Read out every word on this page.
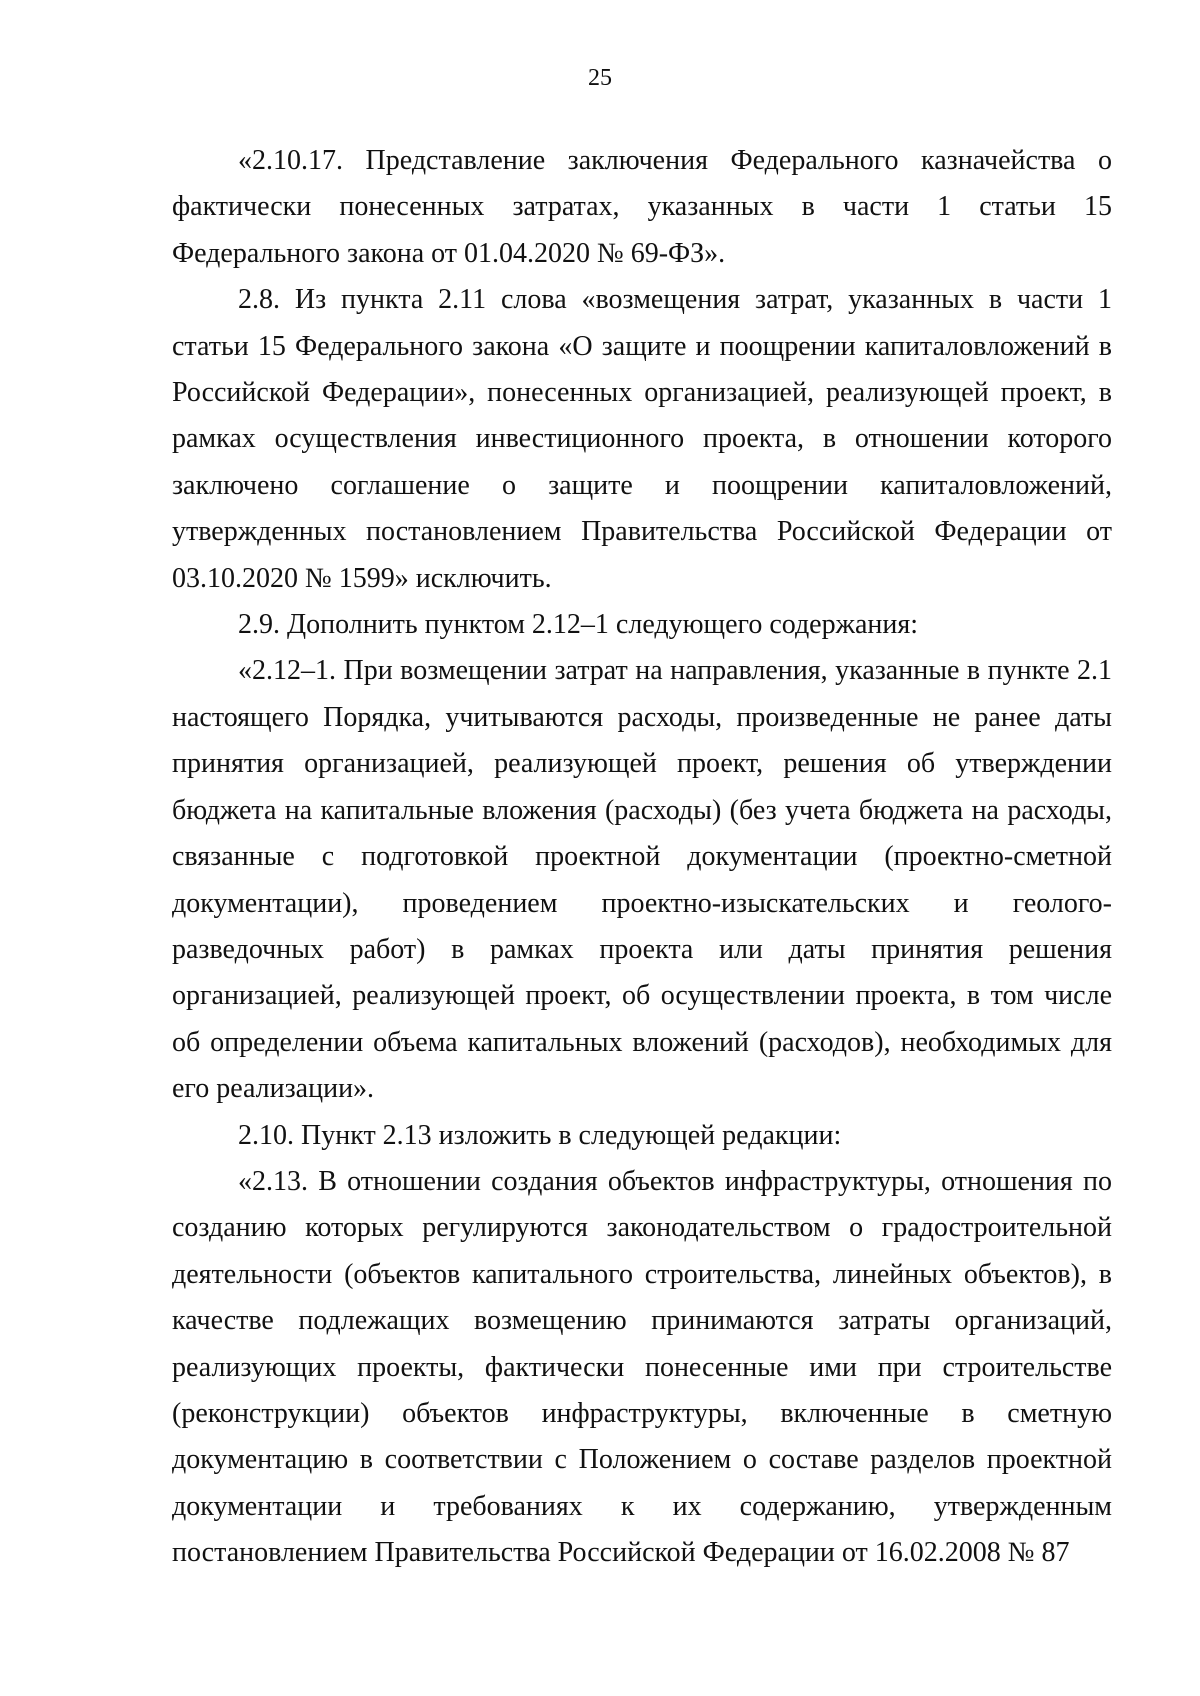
25

«2.10.17. Представление заключения Федерального казначейства о фактически понесенных затратах, указанных в части 1 статьи 15 Федерального закона от 01.04.2020 № 69-ФЗ».

2.8. Из пункта 2.11 слова «возмещения затрат, указанных в части 1 статьи 15 Федерального закона «О защите и поощрении капиталовложений в Российской Федерации», понесенных организацией, реализующей проект, в рамках осуществления инвестиционного проекта, в отношении которого заключено соглашение о защите и поощрении капиталовложений, утвержденных постановлением Правительства Российской Федерации от 03.10.2020 № 1599» исключить.

2.9. Дополнить пунктом 2.12–1 следующего содержания:

«2.12–1. При возмещении затрат на направления, указанные в пункте 2.1 настоящего Порядка, учитываются расходы, произведенные не ранее даты принятия организацией, реализующей проект, решения об утверждении бюджета на капитальные вложения (расходы) (без учета бюджета на расходы, связанные с подготовкой проектной документации (проектно-сметной документации), проведением проектно-изыскательских и геолого-разведочных работ) в рамках проекта или даты принятия решения организацией, реализующей проект, об осуществлении проекта, в том числе об определении объема капитальных вложений (расходов), необходимых для его реализации».

2.10. Пункт 2.13 изложить в следующей редакции:

«2.13. В отношении создания объектов инфраструктуры, отношения по созданию которых регулируются законодательством о градостроительной деятельности (объектов капитального строительства, линейных объектов), в качестве подлежащих возмещению принимаются затраты организаций, реализующих проекты, фактически понесенные ими при строительстве (реконструкции) объектов инфраструктуры, включенные в сметную документацию в соответствии с Положением о составе разделов проектной документации и требованиях к их содержанию, утвержденным постановлением Правительства Российской Федерации от 16.02.2008 № 87
